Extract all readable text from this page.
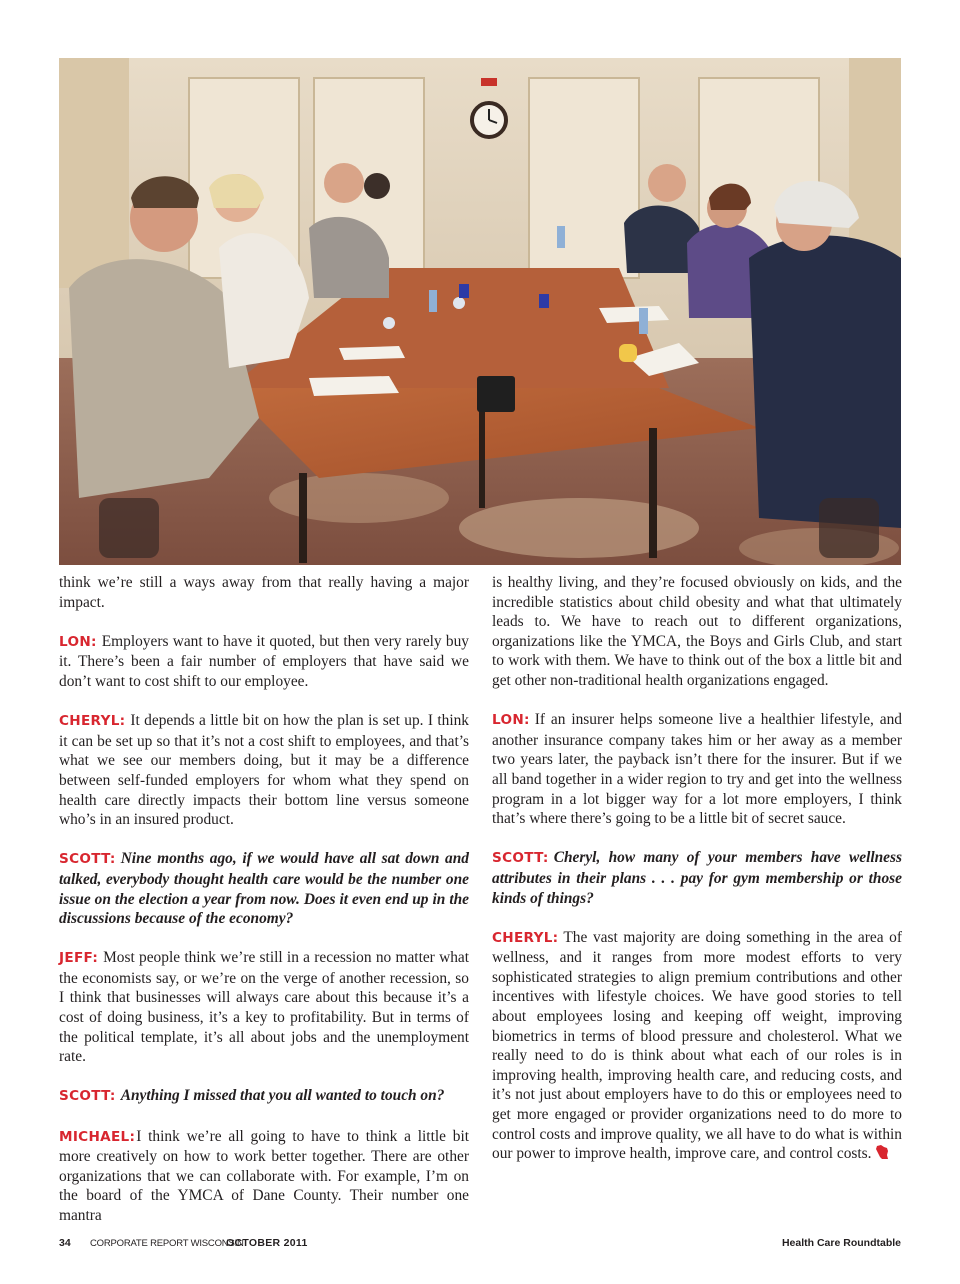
think we’re still a ways away from that really having a major impact.

LON: Employers want to have it quoted, but then very rarely buy it. There’s been a fair number of employers that have said we don’t want to cost shift to our employee.

CHERYL: It depends a little bit on how the plan is set up. I think it can be set up so that it’s not a cost shift to employees, and that’s what we see our members doing, but it may be a difference between self-funded employers for whom what they spend on health care directly impacts their bottom line versus someone who’s in an insured product.

SCOTT: Nine months ago, if we would have all sat down and talked, everybody thought health care would be the number one issue on the election a year from now. Does it even end up in the discussions because of the economy?

JEFF: Most people think we’re still in a recession no matter what the economists say, or we’re on the verge of another recession, so I think that businesses will always care about this because it’s a cost of doing business, it’s a key to profitability. But in terms of the political template, it’s all about jobs and the unemployment rate.

SCOTT: Anything I missed that you all wanted to touch on?

MICHAEL:I think we’re all going to have to think a little bit more creatively on how to work better together. There are other organizations that we can collaborate with. For example, I’m on the board of the YMCA of Dane County. Their number one mantra

is healthy living, and they’re focused obviously on kids, and the incredible statistics about child obesity and what that ultimately leads to. We have to reach out to different organizations, organizations like the YMCA, the Boys and Girls Club, and start to work with them. We have to think out of the box a little bit and get other non-traditional health organizations engaged.

LON: If an insurer helps someone live a healthier lifestyle, and another insurance company takes him or her away as a member two years later, the payback isn’t there for the insurer. But if we all band together in a wider region to try and get into the wellness program in a lot bigger way for a lot more employers, I think that’s where there’s going to be a little bit of secret sauce.

SCOTT: Cheryl, how many of your members have wellness attributes in their plans . . . pay for gym membership or those kinds of things?

CHERYL: The vast majority are doing something in the area of wellness, and it ranges from more modest efforts to very sophisticated strategies to align premium contributions and other incentives with lifestyle choices. We have good stories to tell about employees losing and keeping off weight, improving biometrics in terms of blood pressure and cholesterol. What we really need to do is think about what each of our roles is in improving health, improving health care, and reducing costs, and it’s not just about employers have to do this or employees need to get more engaged or provider organizations need to do more to control costs and improve quality, we all have to do what is within our power to improve health, improve care, and control costs.

34 CORPORATE REPORT WISCONSIN
OCTOBER 2011	Health Care Roundtable
